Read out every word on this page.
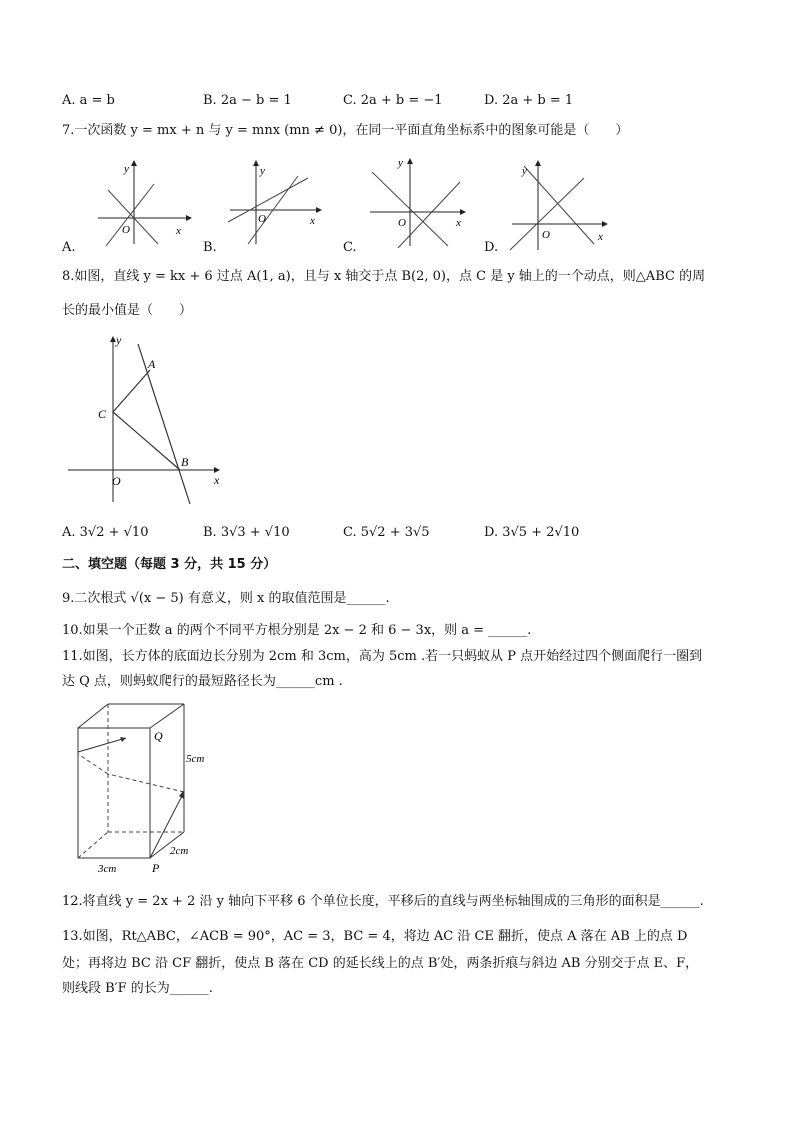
A. a = b	B. 2a − b = 1	C. 2a + b = −1	D. 2a + b = 1
7.一次函数 y = mx + n 与 y = mnx (mn ≠ 0)，在同一平面直角坐标系中的图象可能是（　　）
y
x
O
A.
y
x
O
B.
y
x
O
C.
y
x
O
D.
8.如图，直线 y = kx + 6 过点 A(1, a)，且与 x 轴交于点 B(2, 0)，点 C 是 y 轴上的一个动点，则△ABC 的周
长的最小值是（　　）
y
x
O
A
B
C
A. 3√2 + √10	B. 3√3 + √10	C. 5√2 + 3√5	D. 3√5 + 2√10
二、填空题（每题 3 分，共 15 分）
9.二次根式 √(x − 5) 有意义，则 x 的取值范围是______.
10.如果一个正数 a 的两个不同平方根分别是 2x − 2 和 6 − 3x，则 a = ______.
11.如图，长方体的底面边长分别为 2cm 和 3cm，高为 5cm .若一只蚂蚁从 P 点开始经过四个侧面爬行一圈到
达 Q 点，则蚂蚁爬行的最短路径长为______cm .
Q
P
5cm
3cm
2cm
12.将直线 y = 2x + 2 沿 y 轴向下平移 6 个单位长度，平移后的直线与两坐标轴围成的三角形的面积是______.
13.如图，Rt△ABC，∠ACB = 90°，AC = 3，BC = 4，将边 AC 沿 CE 翻折，使点 A 落在 AB 上的点 D
处；再将边 BC 沿 CF 翻折，使点 B 落在 CD 的延长线上的点 B′处，两条折痕与斜边 AB 分别交于点 E、F，
则线段 B′F 的长为______.
